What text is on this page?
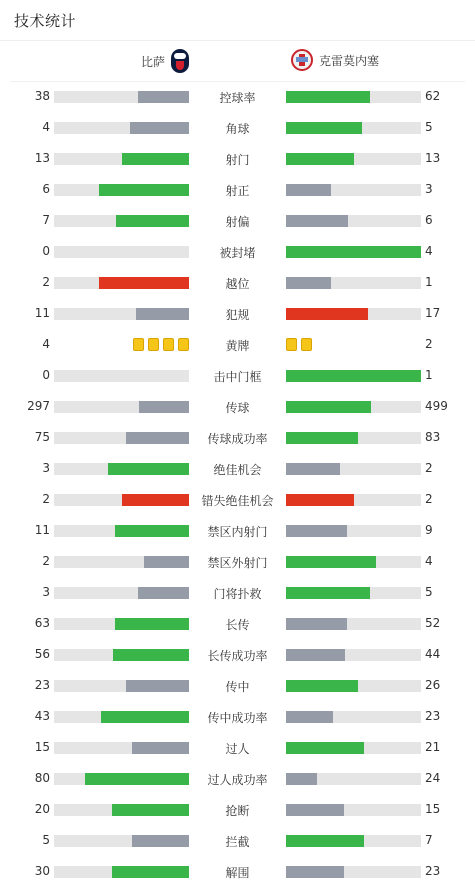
技术统计
比萨	克雷莫内塞
38	控球率	62
4	角球	5
13	射门	13
6	射正	3
7	射偏	6
0	被封堵	4
2	越位	1
11	犯规	17
4	黄牌	2
0	击中门框	1
297	传球	499
75	传球成功率	83
3	绝佳机会	2
2	错失绝佳机会	2
11	禁区内射门	9
2	禁区外射门	4
3	门将扑救	5
63	长传	52
56	长传成功率	44
23	传中	26
43	传中成功率	23
15	过人	21
80	过人成功率	24
20	抢断	15
5	拦截	7
30	解围	23
